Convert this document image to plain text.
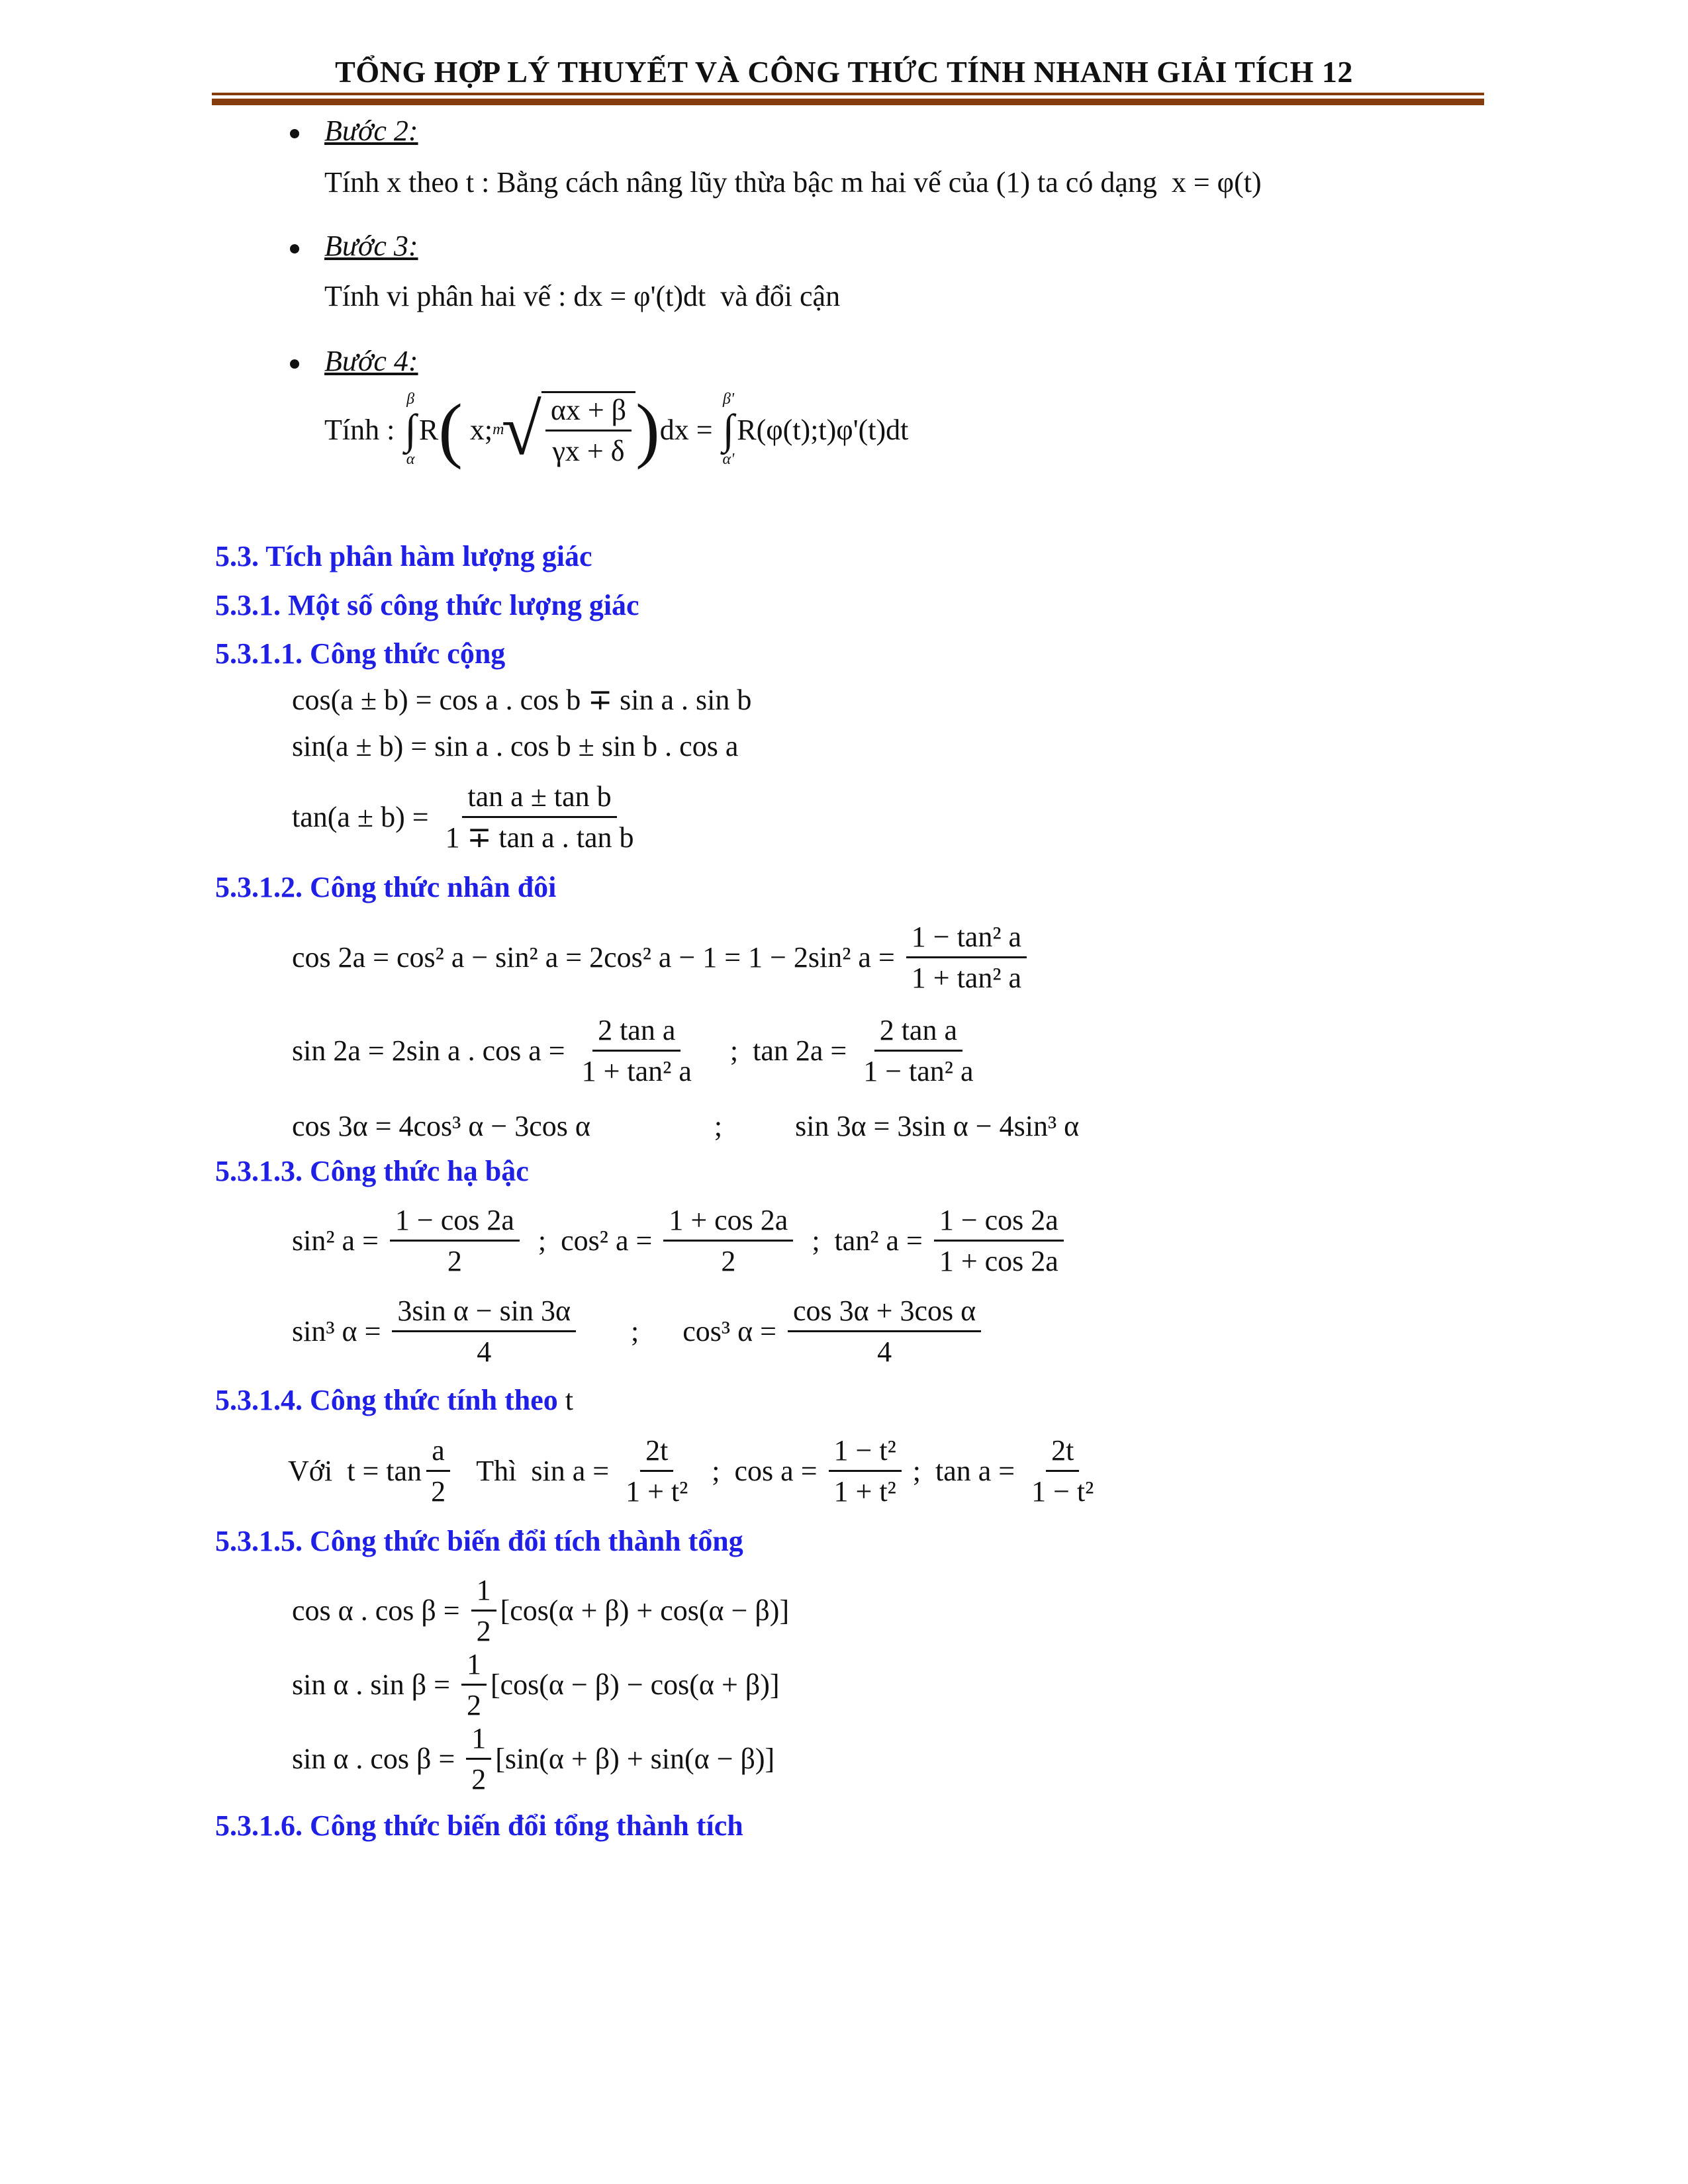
TỔNG HỢP LÝ THUYẾT VÀ CÔNG THỨC TÍNH NHANH GIẢI TÍCH 12
Bước 2:
Tính x theo t : Bằng cách nâng lũy thừa bậc m hai vế của (1) ta có dạng  x = φ(t)
Bước 3:
Tính vi phân hai vế : dx = φ'(t)dt  và đổi cận
Bước 4:
Tính :
β
∫
α
R ( x; m
√ $\frac{\alpha x + \beta}{\gamma x + \delta}$ ) dx =
β'
∫
α'
R(φ(t);t)φ'(t)dt
5.3. Tích phân hàm lượng giác
5.3.1. Một số công thức lượng giác
5.3.1.1. Công thức cộng
cos(a ± b) = cos a . cos b ∓ sin a . sin b
sin(a ± b) = sin a . cos b ± sin b . cos a
$\tan(a \pm b) = \frac{\text{tan a ± tan b}}{\text{1 ∓ tan a . tan b}}$
5.3.1.2. Công thức nhân đôi
cos 2a = cos² a − sin² a = 2cos² a − 1 = 1 − 2sin² $a = \frac{\text{1 − tan² a}}{\text{1 + tan² a}}$
sin 2a = 2sin a . $\cos a = \frac{\text{2 tan a}}{\text{1 + tan² a}}$ ;  $\tan 2a = \frac{\text{2 tan a}}{\text{1 − tan² a}}$
cos 3α = 4cos³ α − 3cos α                 ;          sin 3α = 3sin α − 4sin³ α
5.3.1.3. Công thức hạ bậc
sin² $a = \frac{1 - \cos 2a}{2}$ ;  cos² $a = \frac{1 + \cos 2a}{2}$ ;  tan² $a = \frac{1 - \cos 2a}{1 + \cos 2a}$
sin³ $\alpha = \frac{\text{3sin α − sin 3α}}{4}$ ;      cos³ $\alpha = \frac{\text{cos 3α + 3cos α}}{4}$
5.3.1.4. Công thức tính theo t
Với  $t = \tan \frac{a}{2}$ Thì  $\sin a = \frac{2t}{\text{1 + t²}}$ ;  $\cos a = \frac{\text{1 − t²}}{\text{1 + t²}}$ ;  $\tan a = \frac{2t}{\text{1 − t²}}$
5.3.1.5. Công thức biến đổi tích thành tổng
cos α . $\cos \beta = \frac{1}{2} [\cos(\alpha + \beta) + \cos(\alpha - \beta)]$
sin α . $\sin \beta = \frac{1}{2} [\cos(\alpha - \beta) - \cos(\alpha + \beta)]$
sin α . $\cos \beta = \frac{1}{2} [\sin(\alpha + \beta) + \sin(\alpha - \beta)]$
5.3.1.6. Công thức biến đổi tổng thành tích
